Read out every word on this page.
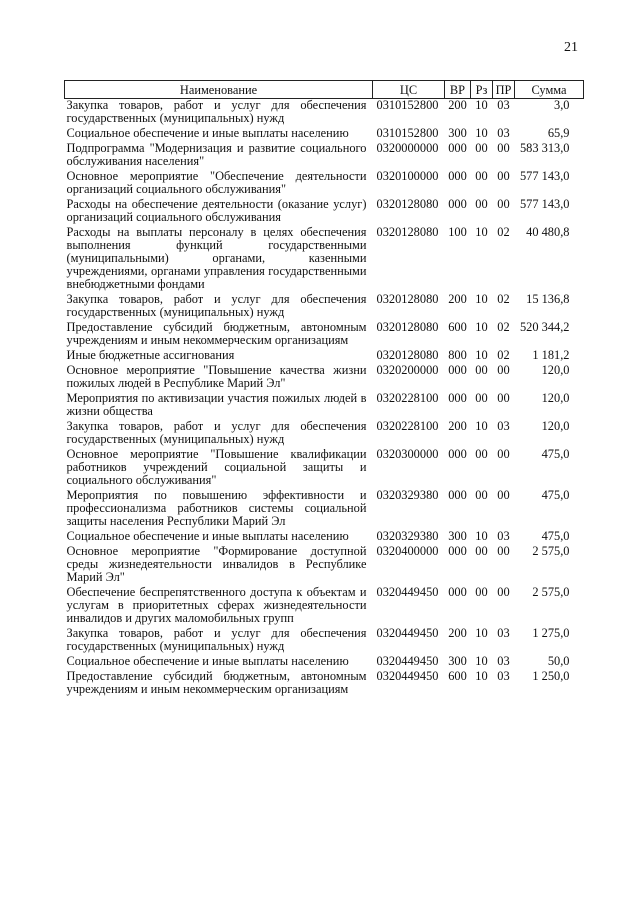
21
Наименование	ЦС	ВР	Рз	ПР	Сумма
Закупка товаров, работ и услуг для обеспечения государственных (муниципальных) нужд	0310152800	200	10	03	3,0
Социальное обеспечение и иные выплаты населению	0310152800	300	10	03	65,9
Подпрограмма "Модернизация и развитие социального обслуживания населения"	0320000000	000	00	00	583 313,0
Основное мероприятие "Обеспечение деятельности организаций социального обслуживания"	0320100000	000	00	00	577 143,0
Расходы на обеспечение деятельности (оказание услуг) организаций социального обслуживания	0320128080	000	00	00	577 143,0
Расходы на выплаты персоналу в целях обеспечения выполнения функций государственными (муниципальными) органами, казенными учреждениями, органами управления государственными внебюджетными фондами	0320128080	100	10	02	40 480,8
Закупка товаров, работ и услуг для обеспечения государственных (муниципальных) нужд	0320128080	200	10	02	15 136,8
Предоставление субсидий бюджетным, автономным учреждениям и иным некоммерческим организациям	0320128080	600	10	02	520 344,2
Иные бюджетные ассигнования	0320128080	800	10	02	1 181,2
Основное мероприятие "Повышение качества жизни пожилых людей в Республике Марий Эл"	0320200000	000	00	00	120,0
Мероприятия по активизации участия пожилых людей в жизни общества	0320228100	000	00	00	120,0
Закупка товаров, работ и услуг для обеспечения государственных (муниципальных) нужд	0320228100	200	10	03	120,0
Основное мероприятие "Повышение квалификации работников учреждений социальной защиты и социального обслуживания"	0320300000	000	00	00	475,0
Мероприятия по повышению эффективности и профессионализма работников системы социальной защиты населения Республики Марий Эл	0320329380	000	00	00	475,0
Социальное обеспечение и иные выплаты населению	0320329380	300	10	03	475,0
Основное мероприятие "Формирование доступной среды жизнедеятельности инвалидов в Республике Марий Эл"	0320400000	000	00	00	2 575,0
Обеспечение беспрепятственного доступа к объектам и услугам в приоритетных сферах жизнедеятельности инвалидов и других маломобильных групп	0320449450	000	00	00	2 575,0
Закупка товаров, работ и услуг для обеспечения государственных (муниципальных) нужд	0320449450	200	10	03	1 275,0
Социальное обеспечение и иные выплаты населению	0320449450	300	10	03	50,0
Предоставление субсидий бюджетным, автономным учреждениям и иным некоммерческим организациям	0320449450	600	10	03	1 250,0
